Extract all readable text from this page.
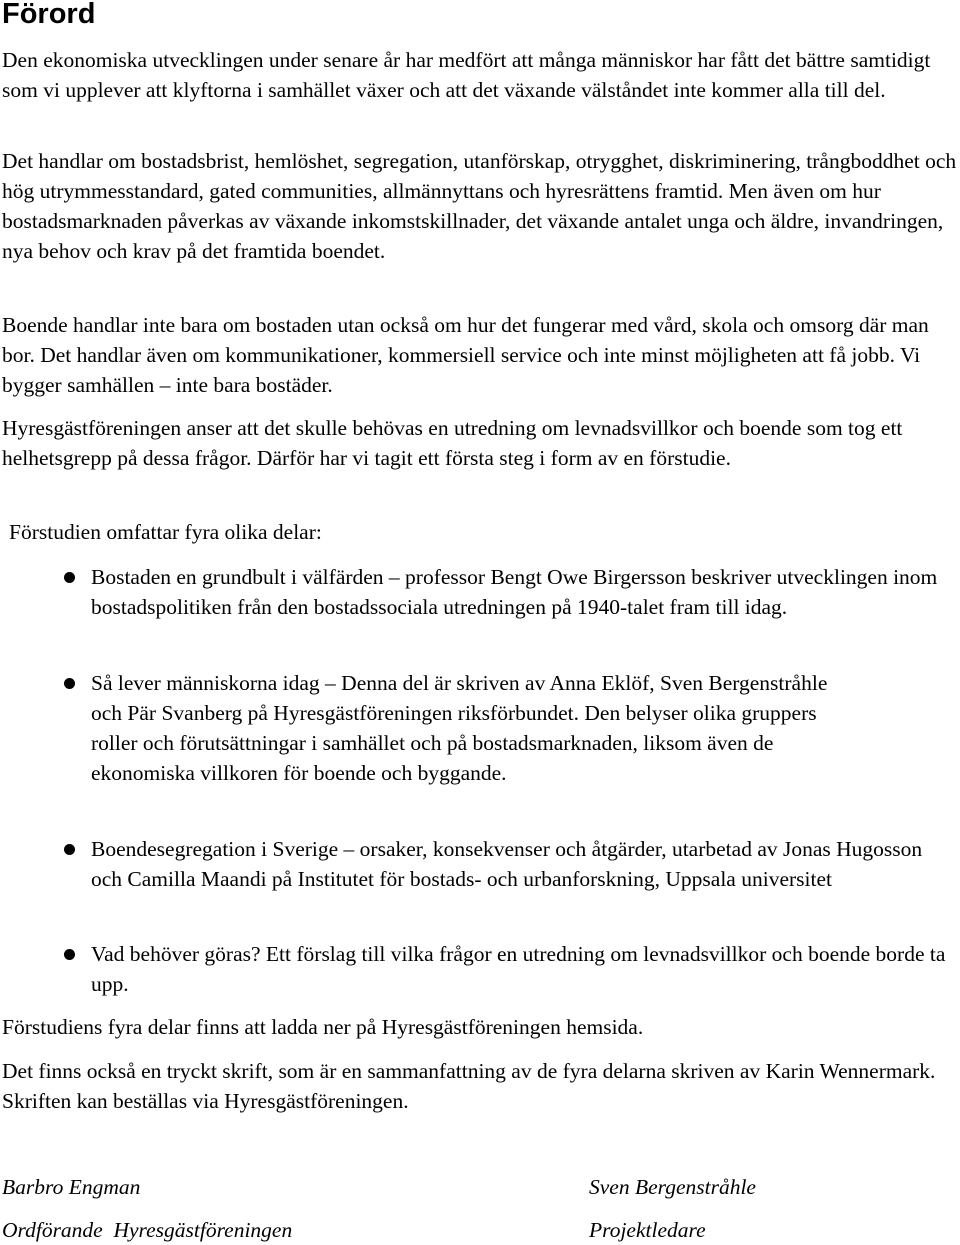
Förord

Den ekonomiska utvecklingen under senare år har medfört att många människor har fått det bättre samtidigt som vi upplever att klyftorna i samhället växer och att det växande välståndet inte kommer alla till del.

Det handlar om bostadsbrist, hemlöshet, segregation, utanförskap, otrygghet, diskriminering, trångboddhet och hög utrymmesstandard, gated communities, allmännyttans och hyresrättens framtid. Men även om hur bostadsmarknaden påverkas av växande inkomstskillnader, det växande antalet unga och äldre, invandringen, nya behov och krav på det framtida boendet.

Boende handlar inte bara om bostaden utan också om hur det fungerar med vård, skola och omsorg där man bor. Det handlar även om kommunikationer, kommersiell service och inte minst möjligheten att få jobb. Vi bygger samhällen – inte bara bostäder.

Hyresgästföreningen anser att det skulle behövas en utredning om levnadsvillkor och boende som tog ett helhetsgrepp på dessa frågor. Därför har vi tagit ett första steg i form av en förstudie.

Förstudien omfattar fyra olika delar:

Bostaden en grundbult i välfärden – professor Bengt Owe Birgersson beskriver utvecklingen inom bostadspolitiken från den bostadssociala utredningen på 1940-talet fram till idag.

Så lever människorna idag – Denna del är skriven av Anna Eklöf, Sven Bergenstråhle och Pär Svanberg på Hyresgästföreningen riksförbundet. Den belyser olika gruppers roller och förutsättningar i samhället och på bostadsmarknaden, liksom även de ekonomiska villkoren för boende och byggande.

Boendesegregation i Sverige – orsaker, konsekvenser och åtgärder, utarbetad av Jonas Hugosson och Camilla Maandi på Institutet för bostads- och urbanforskning, Uppsala universitet

Vad behöver göras? Ett förslag till vilka frågor en utredning om levnadsvillkor och boende borde ta upp.

Förstudiens fyra delar finns att ladda ner på Hyresgästföreningen hemsida.

Det finns också en tryckt skrift, som är en sammanfattning av de fyra delarna skriven av Karin Wennermark. Skriften kan beställas via Hyresgästföreningen.

Barbro Engman

Ordförande  Hyresgästföreningen

Sven Bergenstråhle

Projektledare
